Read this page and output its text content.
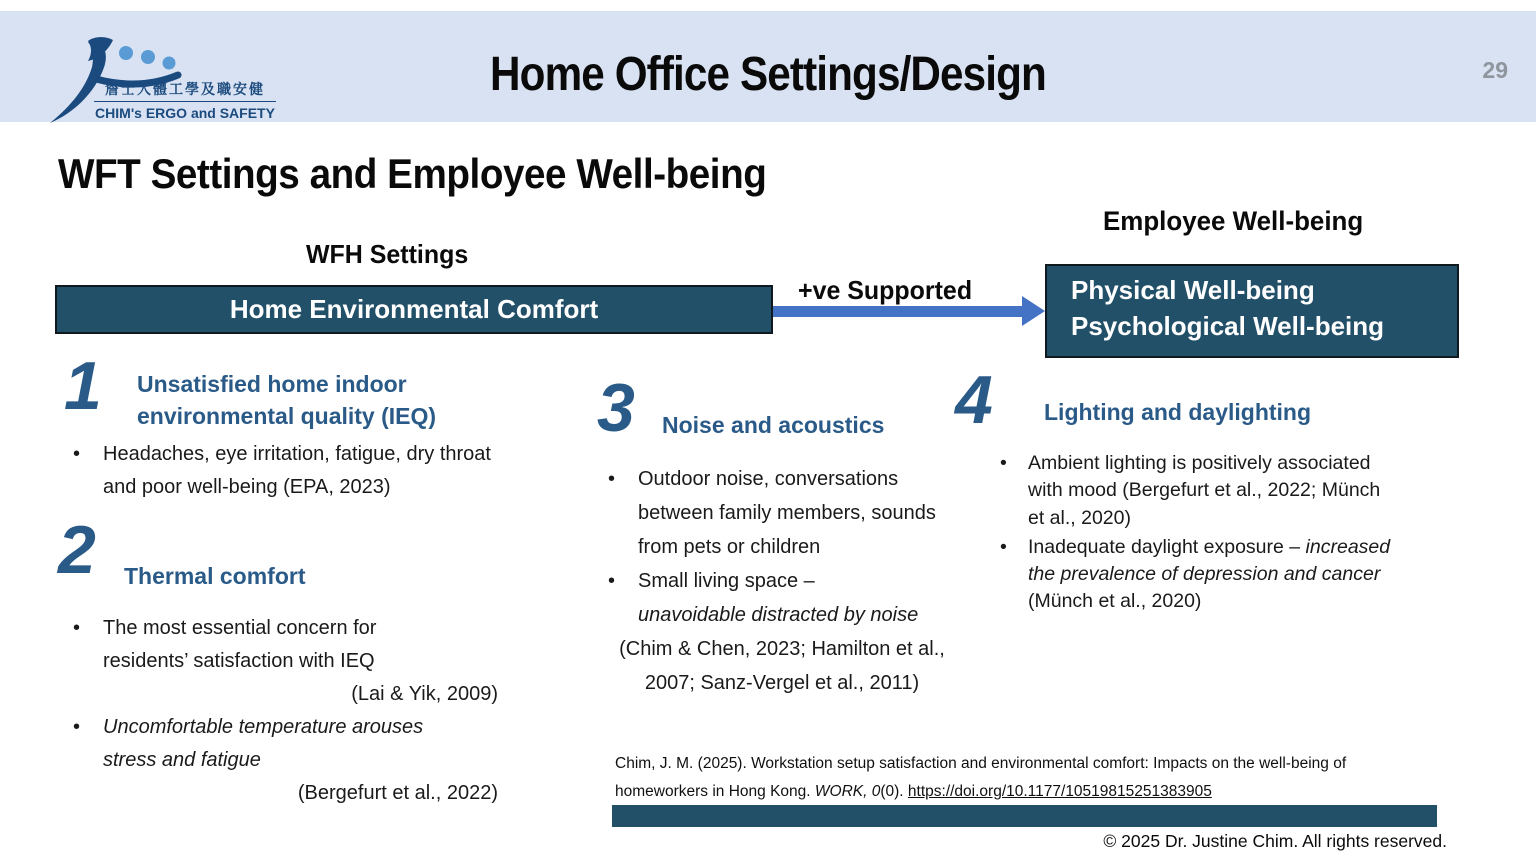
詹士人體工學及職安健
CHIM's ERGO and SAFETY
Home Office Settings/Design	29
WFT Settings and Employee Well-being
Employee Well-being
WFH Settings
Home Environmental Comfort
+ve Supported	Physical Well-being
Psychological Well-being
1 Unsatisfied home indoor environmental quality (IEQ)
•	Headaches, eye irritation, fatigue, dry throat and poor well-being (EPA, 2023)
2 Thermal comfort
•	The most essential concern for residents’ satisfaction with IEQ
(Lai & Yik, 2009)
•	Uncomfortable temperature arouses stress and fatigue
(Bergefurt et al., 2022)
3 Noise and acoustics
•	Outdoor noise, conversations between family members, sounds from pets or children
•	Small living space –
unavoidable distracted by noise
(Chim & Chen, 2023; Hamilton et al., 2007; Sanz-Vergel et al., 2011)
4 Lighting and daylighting
•	Ambient lighting is positively associated with mood (Bergefurt et al., 2022; Münch et al., 2020)
•	Inadequate daylight exposure – increased the prevalence of depression and cancer (Münch et al., 2020)
Chim, J. M. (2025). Workstation setup satisfaction and environmental comfort: Impacts on the well-being of homeworkers in Hong Kong. WORK, 0(0). https://doi.org/10.1177/10519815251383905
© 2025 Dr. Justine Chim. All rights reserved.
